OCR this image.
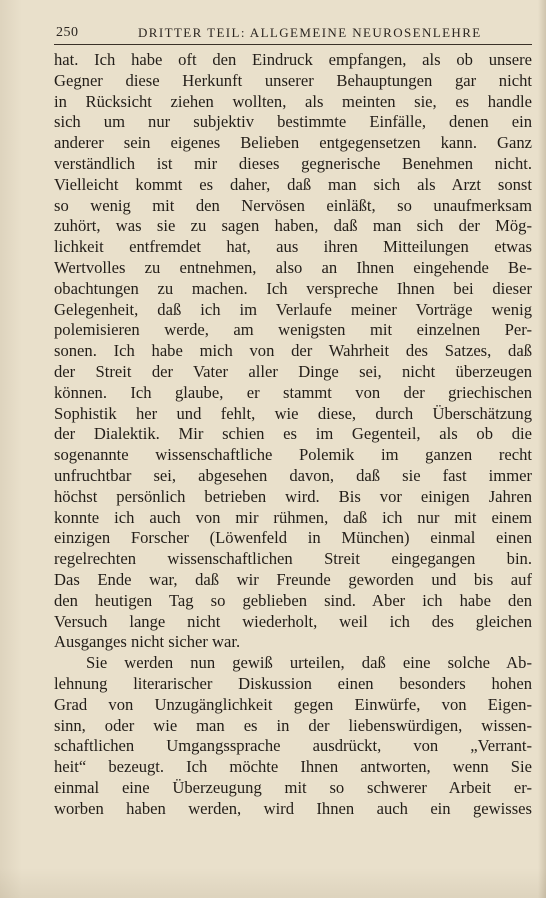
250	DRITTER TEIL: ALLGEMEINE NEUROSENLEHRE
hat. Ich habe oft den Eindruck empfangen, als ob unsere
Gegner diese Herkunft unserer Behauptungen gar nicht
in Rücksicht ziehen wollten, als meinten sie, es handle
sich um nur subjektiv bestimmte Einfälle, denen ein
anderer sein eigenes Belieben entgegensetzen kann. Ganz
verständlich ist mir dieses gegnerische Benehmen nicht.
Vielleicht kommt es daher, daß man sich als Arzt sonst
so wenig mit den Nervösen einläßt, so unaufmerksam
zuhört, was sie zu sagen haben, daß man sich der Mög-
lichkeit entfremdet hat, aus ihren Mitteilungen etwas
Wertvolles zu entnehmen, also an Ihnen eingehende Be-
obachtungen zu machen. Ich verspreche Ihnen bei dieser
Gelegenheit, daß ich im Verlaufe meiner Vorträge wenig
polemisieren werde, am wenigsten mit einzelnen Per-
sonen. Ich habe mich von der Wahrheit des Satzes, daß
der Streit der Vater aller Dinge sei, nicht überzeugen
können. Ich glaube, er stammt von der griechischen
Sophistik her und fehlt, wie diese, durch Überschätzung
der Dialektik. Mir schien es im Gegenteil, als ob die
sogenannte wissenschaftliche Polemik im ganzen recht
unfruchtbar sei, abgesehen davon, daß sie fast immer
höchst persönlich betrieben wird. Bis vor einigen Jahren
konnte ich auch von mir rühmen, daß ich nur mit einem
einzigen Forscher (Löwenfeld in München) einmal einen
regelrechten wissenschaftlichen Streit eingegangen bin.
Das Ende war, daß wir Freunde geworden und bis auf
den heutigen Tag so geblieben sind. Aber ich habe den
Versuch lange nicht wiederholt, weil ich des gleichen
Ausganges nicht sicher war.
Sie werden nun gewiß urteilen, daß eine solche Ab-
lehnung literarischer Diskussion einen besonders hohen
Grad von Unzugänglichkeit gegen Einwürfe, von Eigen-
sinn, oder wie man es in der liebenswürdigen, wissen-
schaftlichen Umgangssprache ausdrückt, von „Verrant-
heit“ bezeugt. Ich möchte Ihnen antworten, wenn Sie
einmal eine Überzeugung mit so schwerer Arbeit er-
worben haben werden, wird Ihnen auch ein gewisses
